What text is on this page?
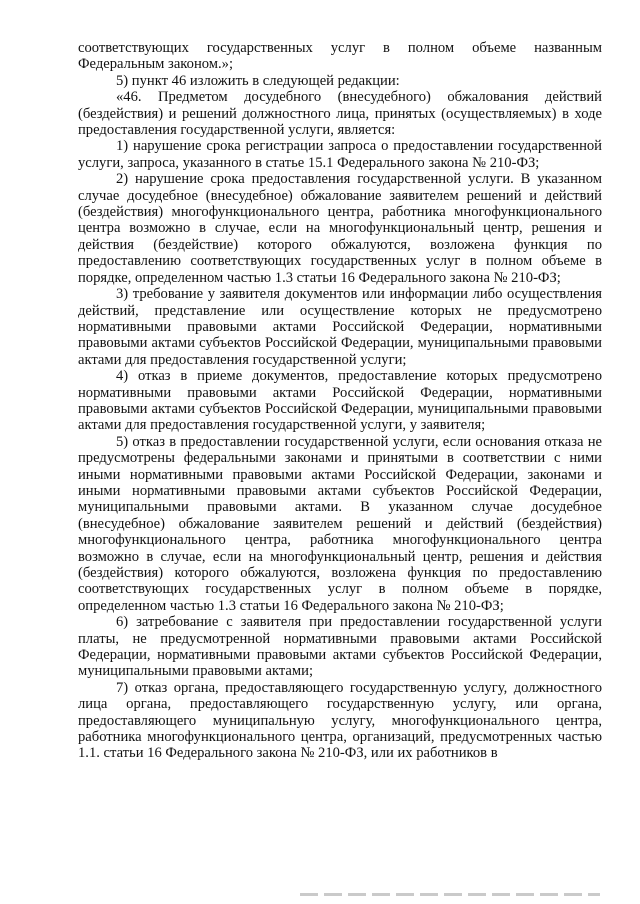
соответствующих государственных услуг в полном объеме названным Федеральным законом.»;

5) пункт 46 изложить в следующей редакции:

«46. Предметом досудебного (внесудебного) обжалования действий (бездействия) и решений должностного лица, принятых (осуществляемых) в ходе предоставления государственной услуги, является:

1) нарушение срока регистрации запроса о предоставлении государственной услуги, запроса, указанного в статье 15.1 Федерального закона № 210-ФЗ;

2) нарушение срока предоставления государственной услуги. В указанном случае досудебное (внесудебное) обжалование заявителем решений и действий (бездействия) многофункционального центра, работника многофункционального центра возможно в случае, если на многофункциональный центр, решения и действия (бездействие) которого обжалуются, возложена функция по предоставлению соответствующих государственных услуг в полном объеме в порядке, определенном частью 1.3 статьи 16 Федерального закона № 210-ФЗ;

3) требование у заявителя документов или информации либо осуществления действий, представление или осуществление которых не предусмотрено нормативными правовыми актами Российской Федерации, нормативными правовыми актами субъектов Российской Федерации, муниципальными правовыми актами для предоставления государственной услуги;

4) отказ в приеме документов, предоставление которых предусмотрено нормативными правовыми актами Российской Федерации, нормативными правовыми актами субъектов Российской Федерации, муниципальными правовыми актами для предоставления государственной услуги, у заявителя;

5) отказ в предоставлении государственной услуги, если основания отказа не предусмотрены федеральными законами и принятыми в соответствии с ними иными нормативными правовыми актами Российской Федерации, законами и иными нормативными правовыми актами субъектов Российской Федерации, муниципальными правовыми актами. В указанном случае досудебное (внесудебное) обжалование заявителем решений и действий (бездействия) многофункционального центра, работника многофункционального центра возможно в случае, если на многофункциональный центр, решения и действия (бездействия) которого обжалуются, возложена функция по предоставлению соответствующих государственных услуг в полном объеме в порядке, определенном частью 1.3 статьи 16 Федерального закона № 210-ФЗ;

6) затребование с заявителя при предоставлении государственной услуги платы, не предусмотренной нормативными правовыми актами Российской Федерации, нормативными правовыми актами субъектов Российской Федерации, муниципальными правовыми актами;

7) отказ органа, предоставляющего государственную услугу, должностного лица органа, предоставляющего государственную услугу, или органа, предоставляющего муниципальную услугу, многофункционального центра, работника многофункционального центра, организаций, предусмотренных частью 1.1. статьи 16 Федерального закона № 210-ФЗ, или их работников в
